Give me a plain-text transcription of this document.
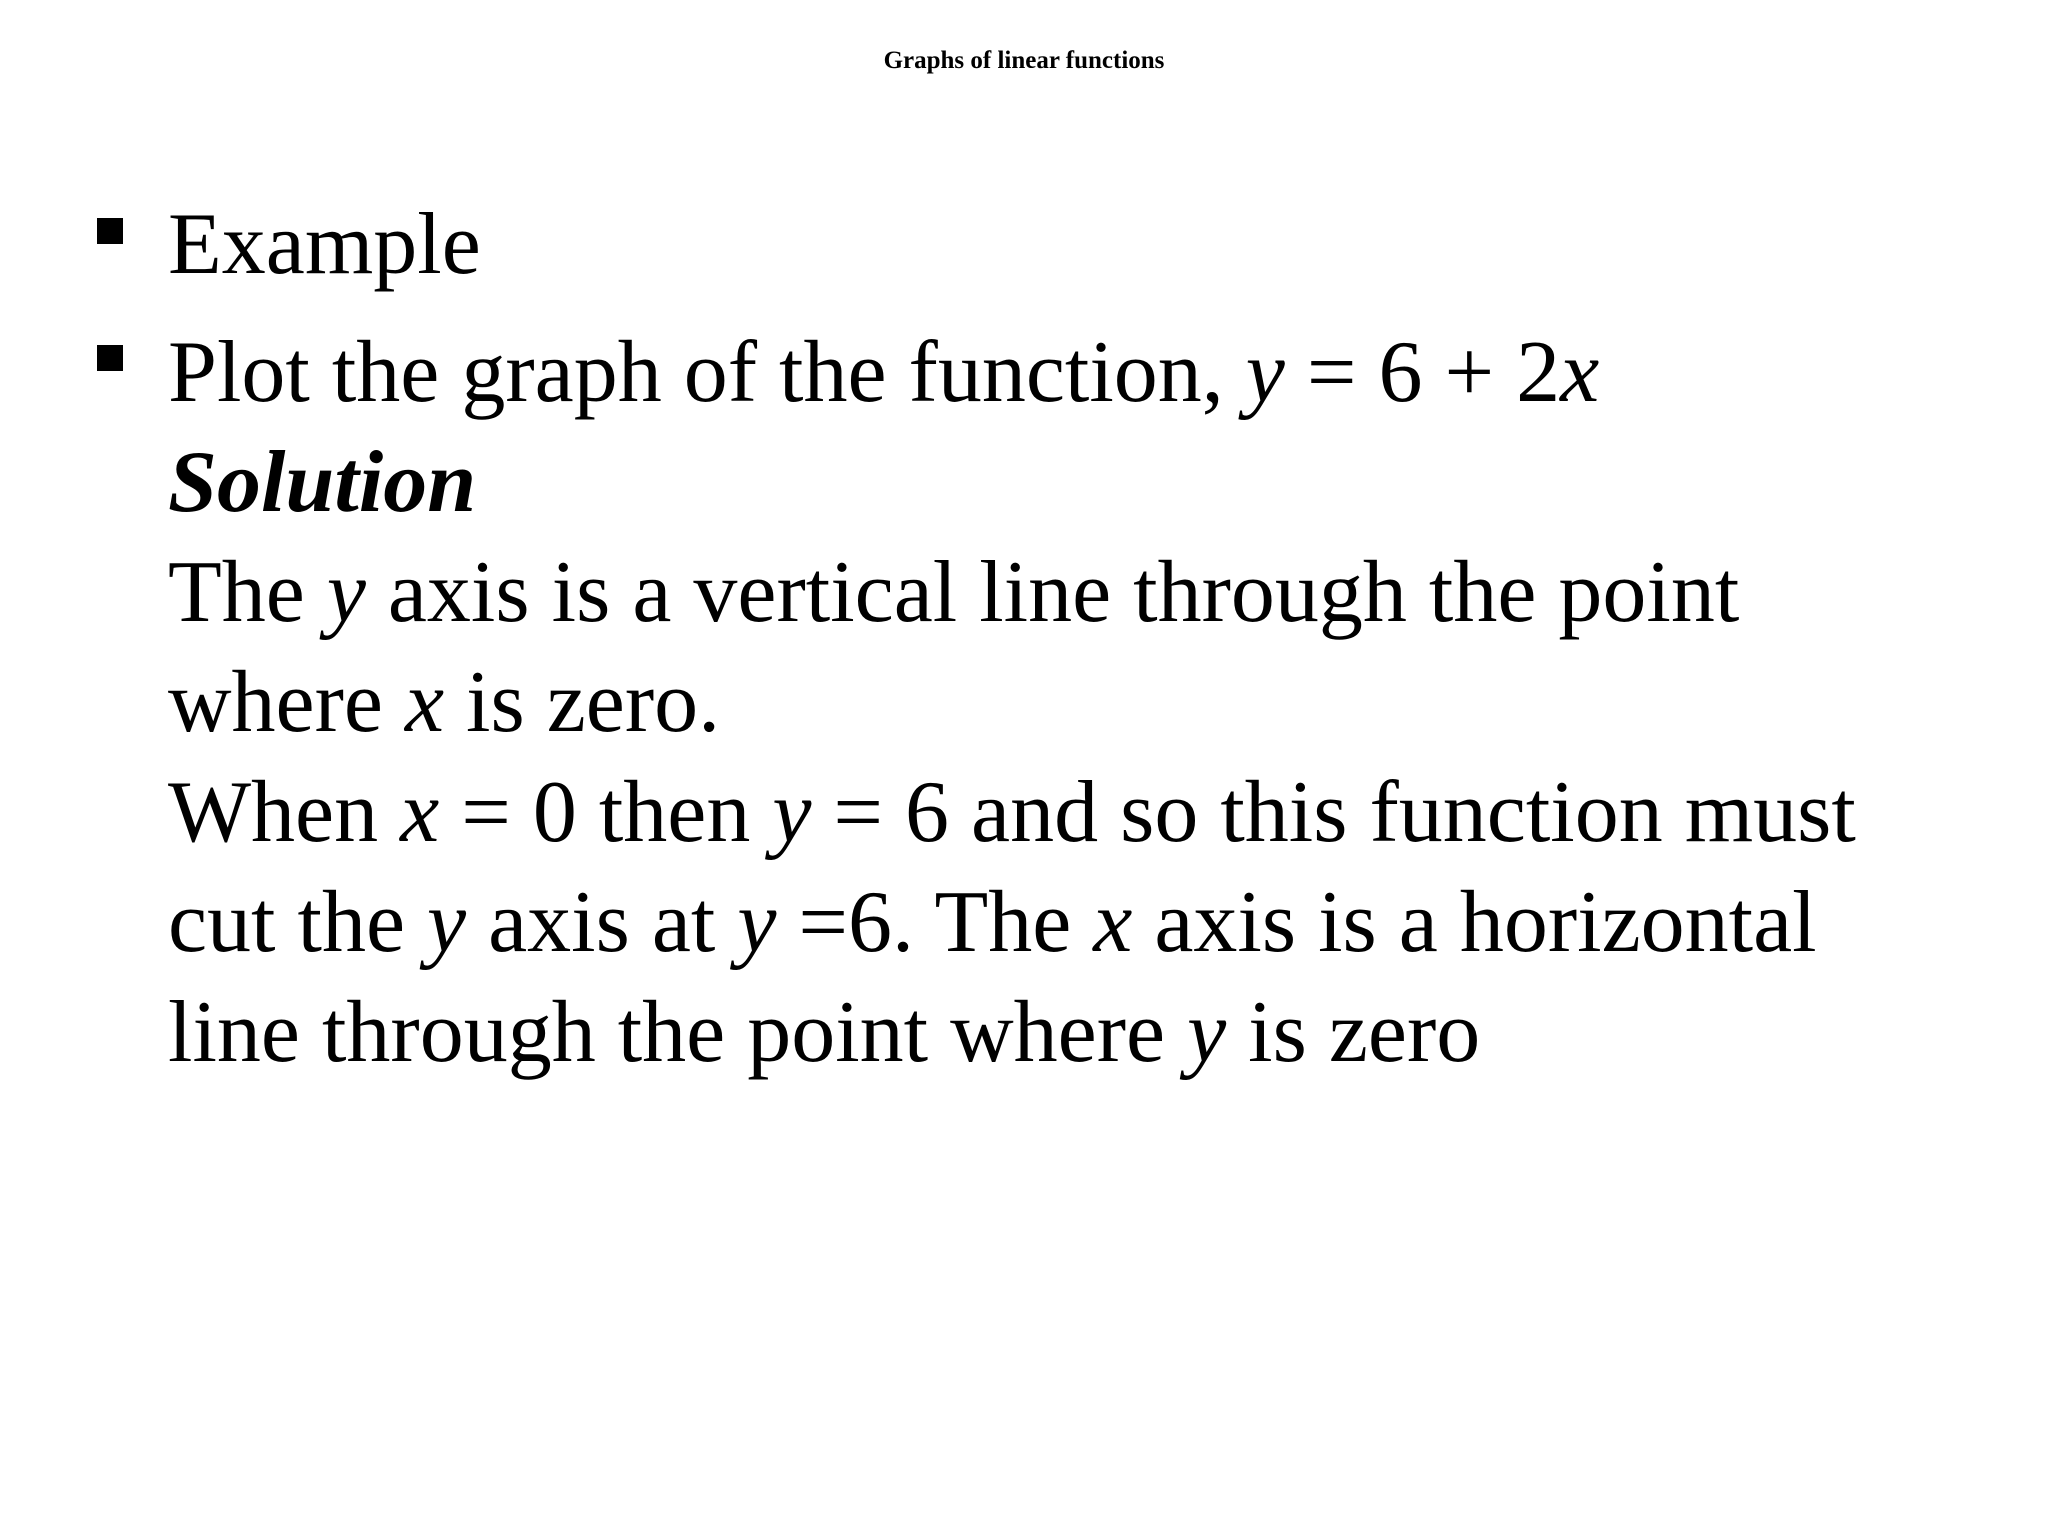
Graphs of linear functions
Example
Plot the graph of the function, y = 6 + 2x
Solution
The y axis is a vertical line through the point
where x is zero.
When x = 0 then y = 6 and so this function must
cut the y axis at y =6. The x axis is a horizontal
line through the point where y is zero
